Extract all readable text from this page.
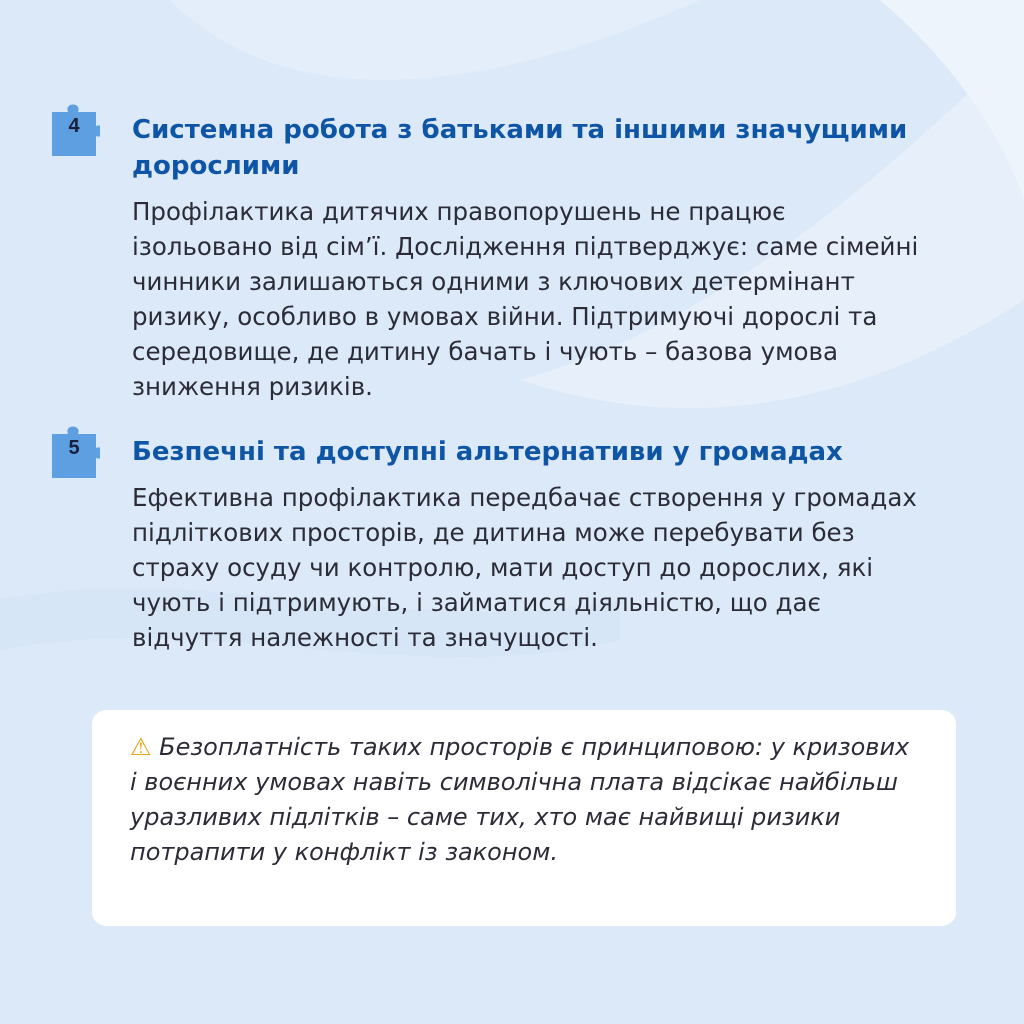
4	Системна робота з батьками та іншими значущими дорослими

Профілактика дитячих правопорушень не працює ізольовано від сім’ї. Дослідження підтверджує: саме сімейні чинники залишаються одними з ключових детермінант ризику, особливо в умовах війни. Підтримуючі дорослі та середовище, де дитину бачать і чують – базова умова зниження ризиків.

5	Безпечні та доступні альтернативи у громадах

Ефективна профілактика передбачає створення у громадах підліткових просторів, де дитина може перебувати без страху осуду чи контролю, мати доступ до дорослих, які чують і підтримують, і займатися діяльністю, що дає відчуття належності та значущості.

⚠ Безоплатність таких просторів є принциповою: у кризових і воєнних умовах навіть символічна плата відсікає найбільш уразливих підлітків – саме тих, хто має найвищі ризики потрапити у конфлікт із законом.
